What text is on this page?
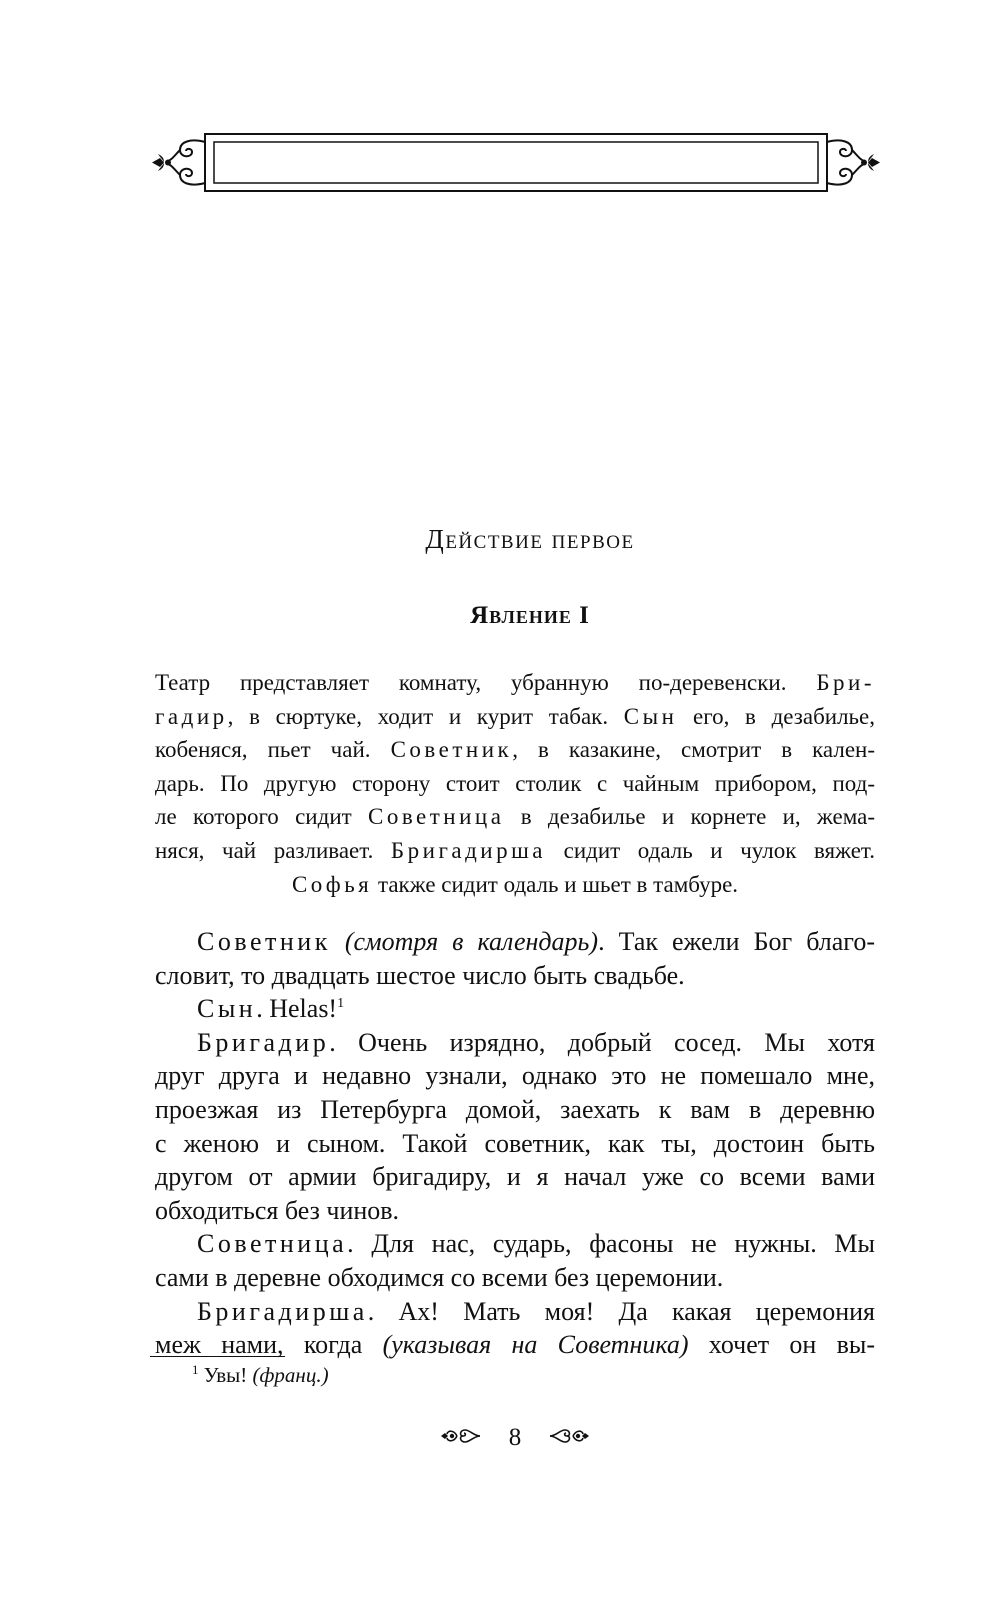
Действие первое
Явление I
Театр представляет комнату, убранную по-деревенски. Бри-
гадир, в сюртуке, ходит и курит табак. Сын его, в дезабилье,
кобеняся, пьет чай. Советник, в казакине, смотрит в кален-
дарь. По другую сторону стоит столик с чайным прибором, под-
ле которого сидит Советница в дезабилье и корнете и, жема-
няся, чай разливает. Бригадирша сидит одаль и чулок вяжет.
Софья также сидит одаль и шьет в тамбуре.

Советник (смотря в календарь). Так ежели Бог благо-
словит, то двадцать шестое число быть свадьбе.

Сын. Helas!$^1$

Бригадир. Очень изрядно, добрый сосед. Мы хотя
друг друга и недавно узнали, однако это не помешало мне,
проезжая из Петербурга домой, заехать к вам в деревню
с женою и сыном. Такой советник, как ты, достоин быть
другом от армии бригадиру, и я начал уже со всеми вами
обходиться без чинов.

Советница. Для нас, сударь, фасоны не нужны. Мы
сами в деревне обходимся со всеми без церемонии.

Бригадирша. Ах! Мать моя! Да какая церемония
меж нами, когда (указывая на Советника) хочет он вы-

$^1$ Увы! (франц.)

8
